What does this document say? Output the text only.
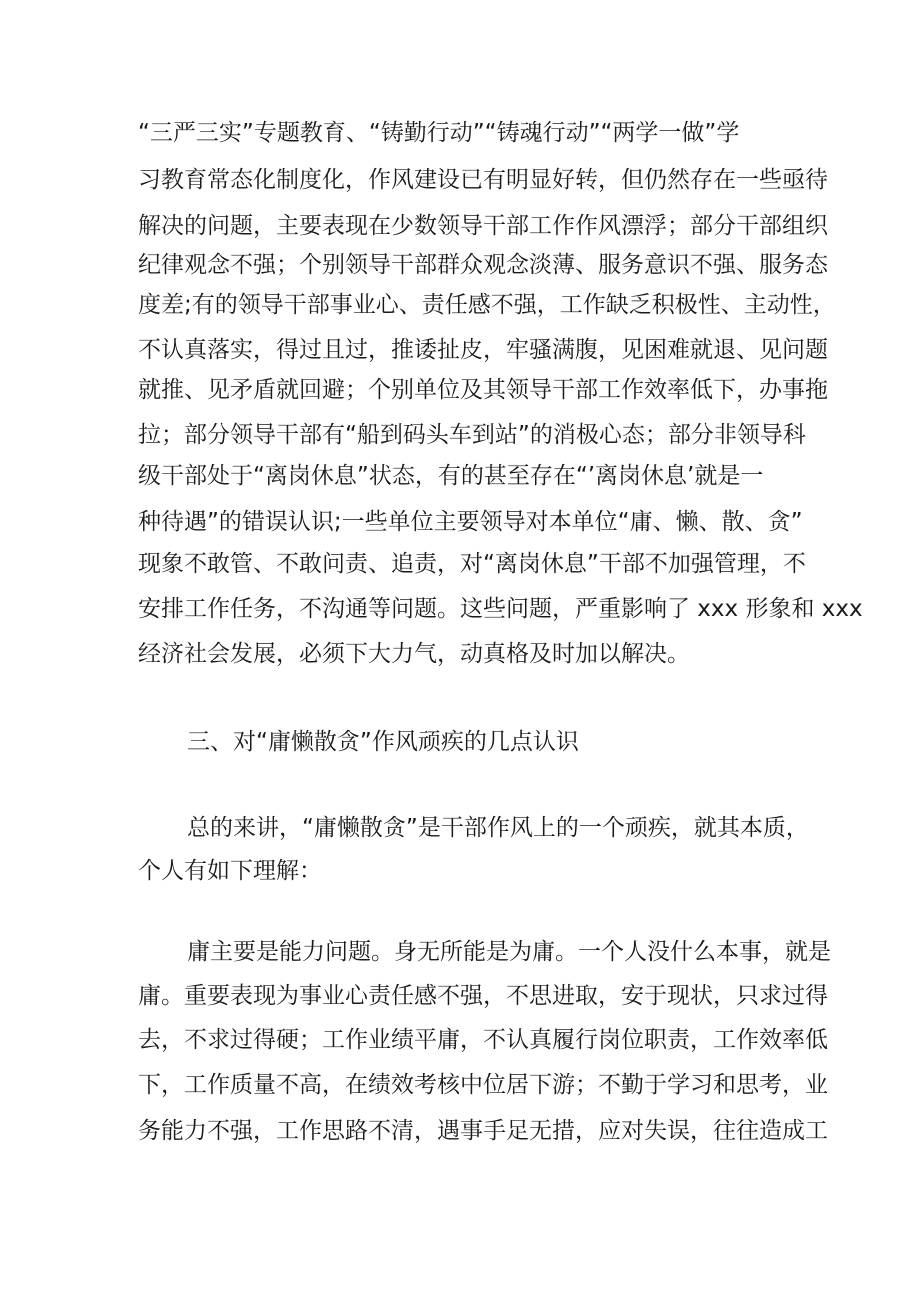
“三严三实”专题教育、“铸勤行动”“铸魂行动”“两学一做”学
习教育常态化制度化，作风建设已有明显好转，但仍然存在一些亟待
解决的问题，主要表现在少数领导干部工作作风漂浮；部分干部组织
纪律观念不强；个别领导干部群众观念淡薄、服务意识不强、服务态
度差;有的领导干部事业心、责任感不强，工作缺乏积极性、主动性，
不认真落实，得过且过，推诿扯皮，牢骚满腹，见困难就退、见问题
就推、见矛盾就回避；个别单位及其领导干部工作效率低下，办事拖
拉；部分领导干部有“船到码头车到站”的消极心态；部分非领导科
级干部处于“离岗休息”状态，有的甚至存在“’离岗休息’就是一
种待遇”的错误认识;一些单位主要领导对本单位“庸、懒、散、贪”
现象不敢管、不敢问责、追责，对“离岗休息”干部不加强管理，不
安排工作任务，不沟通等问题。这些问题，严重影响了 xxx 形象和 xxx
经济社会发展，必须下大力气，动真格及时加以解决。
三、对“庸懒散贪”作风顽疾的几点认识
总的来讲，“庸懒散贪”是干部作风上的一个顽疾，就其本质，
个人有如下理解：
庸主要是能力问题。身无所能是为庸。一个人没什么本事，就是
庸。重要表现为事业心责任感不强，不思进取，安于现状，只求过得
去，不求过得硬；工作业绩平庸，不认真履行岗位职责，工作效率低
下，工作质量不高，在绩效考核中位居下游；不勤于学习和思考，业
务能力不强，工作思路不清，遇事手足无措，应对失误，往往造成工
